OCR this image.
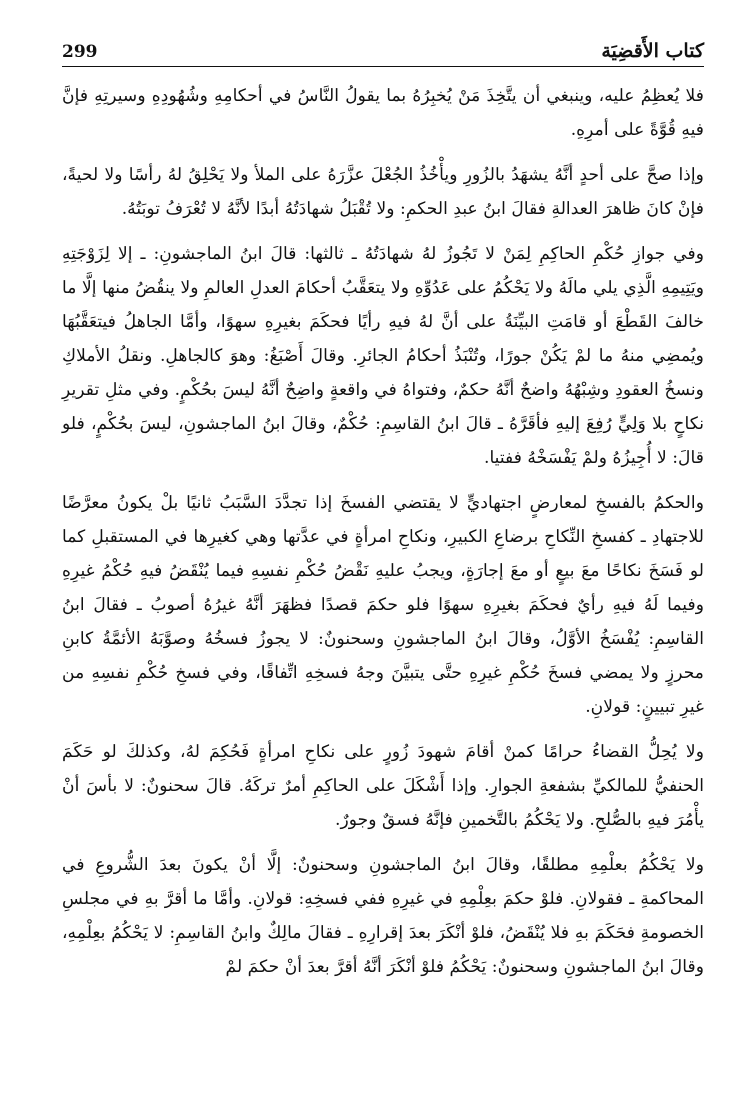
كتاب الأَقضِيَة
299

فلا يُعظِمُ عليه، وينبغي أن يتَّخِذَ مَنْ يُخبِرُهُ بما يقولُ النَّاسُ في أحكامِهِ وشُهُودِهِ وسيرتِهِ فإنَّ فيهِ قُوَّةً على أمرِهِ.

وإذا صحَّ على أحدٍ أنَّهُ يشهَدُ بالزُورِ ويأْخُذُ الجُعْلَ عزَّرَهُ على الملأ ولا يَحْلِقُ لهُ رأسًا ولا لحيةً، فإنْ كانَ ظاهرَ العدالةِ فقالَ ابنُ عبدِ الحكمِ: ولا تُقْبَلُ شهادَتُهُ أبدًا لأنَّهُ لا تُعْرَفُ توبَتُهُ.

وفي جوازِ حُكْمِ الحاكِمِ لِمَنْ لا تَجُوزُ لهُ شهادَتُهُ ـ ثالثها: قالَ ابنُ الماجشونِ: ـ إلا لِزَوْجَتِهِ ويَتِيمِهِ الَّذِي يلي مالَهُ ولا يَحْكُمُ على عَدُوِّهِ ولا يتعَقَّبُ أحكامَ العدلِ العالمِ ولا ينقُضُ منها إلَّا ما خالفَ القَطْعَ أو قامَتِ البيِّنَةُ على أنَّ لهُ فيهِ رأيًا فحكَمَ بغيرِهِ سهوًا، وأمَّا الجاهلُ فيتعَقَّبُهَا ويُمضِي منهُ ما لمْ يَكُنْ جورًا، وتُنْبَذُ أحكامُ الجائرِ. وقالَ أَصْبَغُ: وهوَ كالجاهلِ. ونقلُ الأملاكِ ونسخُ العقودِ وشِبْهُهُ واضحٌ أنَّهُ حكمٌ، وفتواهُ في واقعةٍ واضِحٌ أنَّهُ ليسَ بحُكْمٍ. وفي مثلِ تقريرِ نكاحٍ بلا وَلِيٍّ رُفِعَ إليهِ فأقَرَّهُ ـ قالَ ابنُ القاسِمِ: حُكْمٌ، وقالَ ابنُ الماجشونِ، ليسَ بحُكْمٍ، فلو قالَ: لا أُجِيزُهُ ولمْ يَفْسَخْهُ ففتيا.

والحكمُ بالفسخِ لمعارضٍ اجتهاديٍّ لا يقتضي الفسخَ إذا تجدَّدَ السَّبَبُ ثانيًا بلْ يكونُ معرَّضًا للاجتهادِ ـ كفسخِ النِّكاحِ برضاعِ الكبيرِ، ونكاحِ امرأةٍ في عدَّتها وهي كغيرِها في المستقبلِ كما لو فَسَخَ نكاحًا معَ بيعٍ أو معَ إجارَةٍ، ويجبُ عليهِ نَقْضُ حُكْمِ نفسِهِ فيما يُنْقَضُ فيهِ حُكْمُ غيرِهِ وفيما لَهُ فيهِ رأيٌ فحكَمَ بغيرِهِ سهوًا فلو حكمَ قصدًا فظهَرَ أنَّهُ غيرُهُ أصوبُ ـ فقالَ ابنُ القاسِمِ: يُفْسَخُ الأوَّلُ، وقالَ ابنُ الماجشونِ وسحنونٌ: لا يجوزُ فسخُهُ وصوَّبَهُ الأئمَّةُ كابنِ محرزٍ ولا يمضي فسخَ حُكْمِ غيرِهِ حتَّى يتبيَّنَ وجهُ فسخِهِ اتِّفاقًا، وفي فسخِ حُكْمِ نفسِهِ من غيرِ تبيينٍ: قولانِ.

ولا يُحِلُّ القضاءُ حرامًا كمنْ أقامَ شهودَ زُورٍ على نكاحِ امرأةٍ فَحُكِمَ لهُ، وكذلكَ لو حَكَمَ الحنفيُّ للمالكيِّ بشفعةِ الجوارِ. وإذا أَشْكَلَ على الحاكِمِ أمرٌ تركَهُ. قالَ سحنونٌ: لا بأسَ أنْ يأْمُرَ فيهِ بالصُّلحِ. ولا يَحْكُمُ بالتَّخمينِ فإنَّهُ فسقٌ وجورٌ.

ولا يَحْكُمُ بعلْمِهِ مطلقًا، وقالَ ابنُ الماجشونِ وسحنونٌ: إلَّا أنْ يكونَ بعدَ الشُّروعِ في المحاكمةِ ـ فقولانِ. فلوْ حكمَ بعِلْمِهِ في غيرِهِ ففي فسخِهِ: قولانِ. وأمَّا ما أقرَّ بهِ في مجلسِ الخصومةِ فحَكَمَ بهِ فلا يُنْقَضُ، فلوْ أنْكَرَ بعدَ إقرارِهِ ـ فقالَ مالِكٌ وابنُ القاسِمِ: لا يَحْكُمُ بعِلْمِهِ، وقالَ ابنُ الماجشونِ وسحنونٌ: يَحْكُمُ فلوْ أنْكَرَ أنَّهُ أقرَّ بعدَ أنْ حكمَ لمْ
